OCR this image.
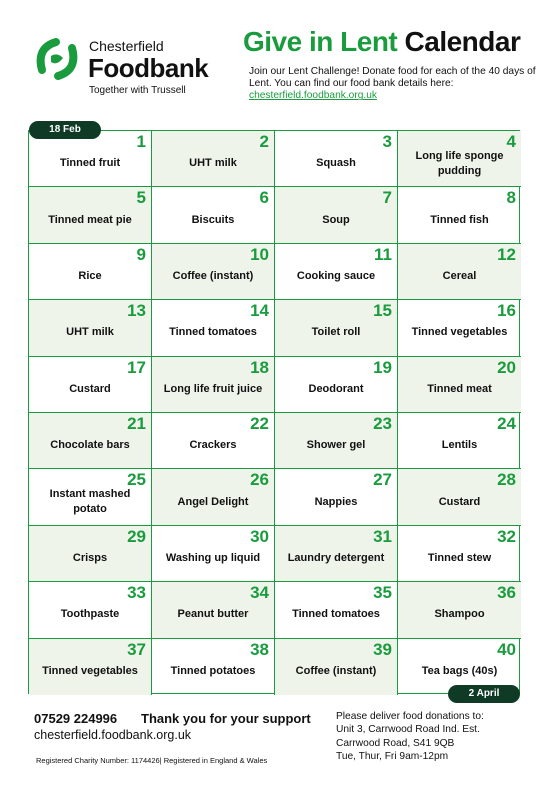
Chesterfield
Foodbank
Together with Trussell
Give in Lent Calendar
Join our Lent Challenge! Donate food for each of the 40 days of Lent. You can find our food bank details here: chesterfield.foodbank.org.uk
1
Tinned fruit
2
UHT milk
3
Squash
4
Long life sponge pudding
5
Tinned meat pie
6
Biscuits
7
Soup
8
Tinned fish
9
Rice
10
Coffee (instant)
11
Cooking sauce
12
Cereal
13
UHT milk
14
Tinned tomatoes
15
Toilet roll
16
Tinned vegetables
17
Custard
18
Long life fruit juice
19
Deodorant
20
Tinned meat
21
Chocolate bars
22
Crackers
23
Shower gel
24
Lentils
25
Instant mashed potato
26
Angel Delight
27
Nappies
28
Custard
29
Crisps
30
Washing up liquid
31
Laundry detergent
32
Tinned stew
33
Toothpaste
34
Peanut butter
35
Tinned tomatoes
36
Shampoo
37
Tinned vegetables
38
Tinned potatoes
39
Coffee (instant)
40
Tea bags (40s)
18 Feb
2 April
07529 224996 Thank you for your support
chesterfield.foodbank.org.uk
Registered Charity Number: 1174426| Registered in England & Wales
Please deliver food donations to:
Unit 3, Carrwood Road Ind. Est.
Carrwood Road, S41 9QB
Tue, Thur, Fri 9am-12pm
